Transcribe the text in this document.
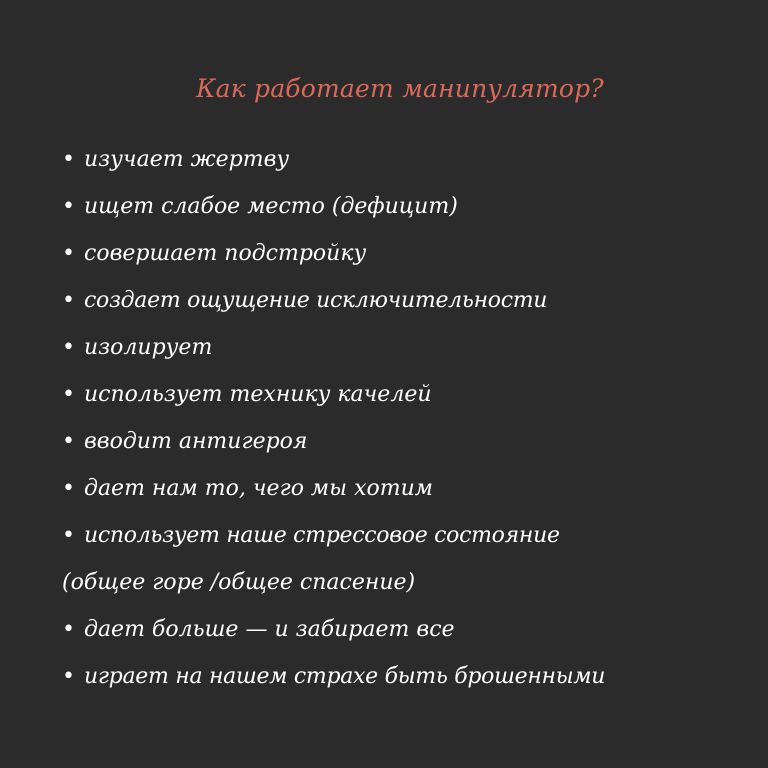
Как работает манипулятор?
• изучает жертву
• ищет слабое место (дефицит)
• совершает подстройку
• создает ощущение исключительности
• изолирует
• использует технику качелей
• вводит антигероя
• дает нам то, чего мы хотим
• использует наше стрессовое состояние
(общее горе /общее спасение)
• дает больше — и забирает все
• играет на нашем страхе быть брошенными
